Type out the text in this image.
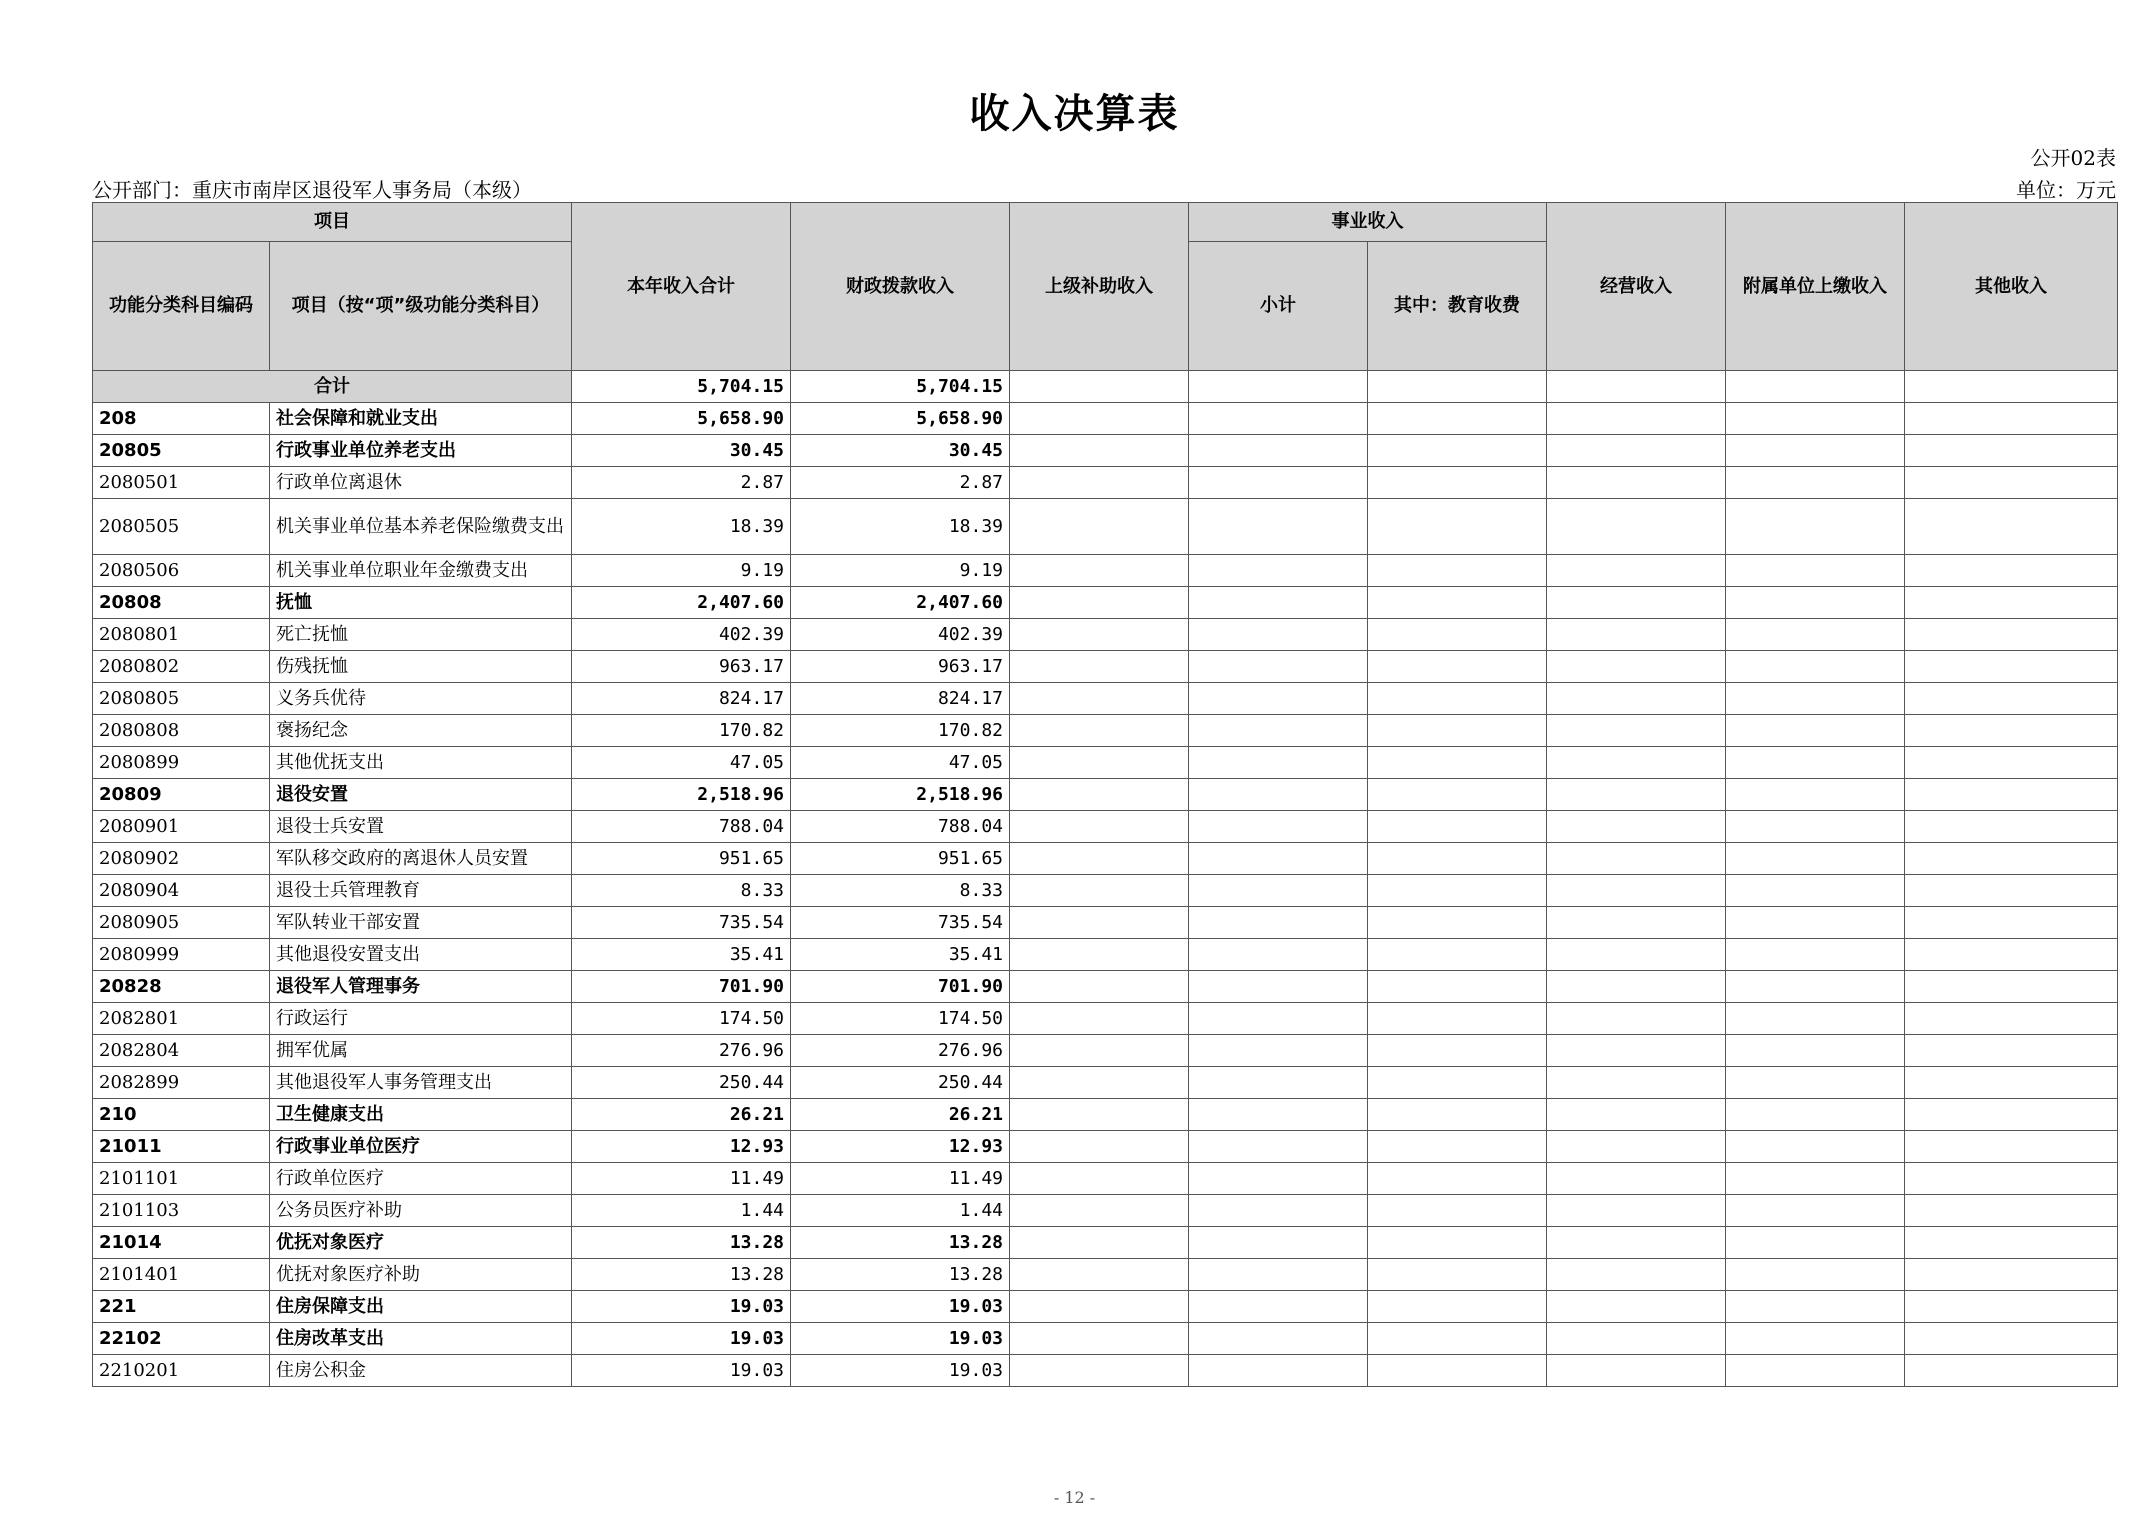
收入决算表
公开02表
公开部门：重庆市南岸区退役军人事务局（本级）	单位：万元
项目		本年收入合计	财政拨款收入	上级补助收入	事业收入		经营收入	附属单位上缴收入	其他收入
功能分类科目编码	项目（按“项”级功能分类科目）				小计	其中：教育收费			
合计		5,704.15	5,704.15						
208	社会保障和就业支出	5,658.90	5,658.90						
20805	行政事业单位养老支出	30.45	30.45						
2080501	行政单位离退休	2.87	2.87						
2080505	机关事业单位基本养老保险缴费支出	18.39	18.39						
2080506	机关事业单位职业年金缴费支出	9.19	9.19						
20808	抚恤	2,407.60	2,407.60						
2080801	死亡抚恤	402.39	402.39						
2080802	伤残抚恤	963.17	963.17						
2080805	义务兵优待	824.17	824.17						
2080808	褒扬纪念	170.82	170.82						
2080899	其他优抚支出	47.05	47.05						
20809	退役安置	2,518.96	2,518.96						
2080901	退役士兵安置	788.04	788.04						
2080902	军队移交政府的离退休人员安置	951.65	951.65						
2080904	退役士兵管理教育	8.33	8.33						
2080905	军队转业干部安置	735.54	735.54						
2080999	其他退役安置支出	35.41	35.41						
20828	退役军人管理事务	701.90	701.90						
2082801	行政运行	174.50	174.50						
2082804	拥军优属	276.96	276.96						
2082899	其他退役军人事务管理支出	250.44	250.44						
210	卫生健康支出	26.21	26.21						
21011	行政事业单位医疗	12.93	12.93						
2101101	行政单位医疗	11.49	11.49						
2101103	公务员医疗补助	1.44	1.44						
21014	优抚对象医疗	13.28	13.28						
2101401	优抚对象医疗补助	13.28	13.28						
221	住房保障支出	19.03	19.03						
22102	住房改革支出	19.03	19.03						
2210201	住房公积金	19.03	19.03						
- 12 -
